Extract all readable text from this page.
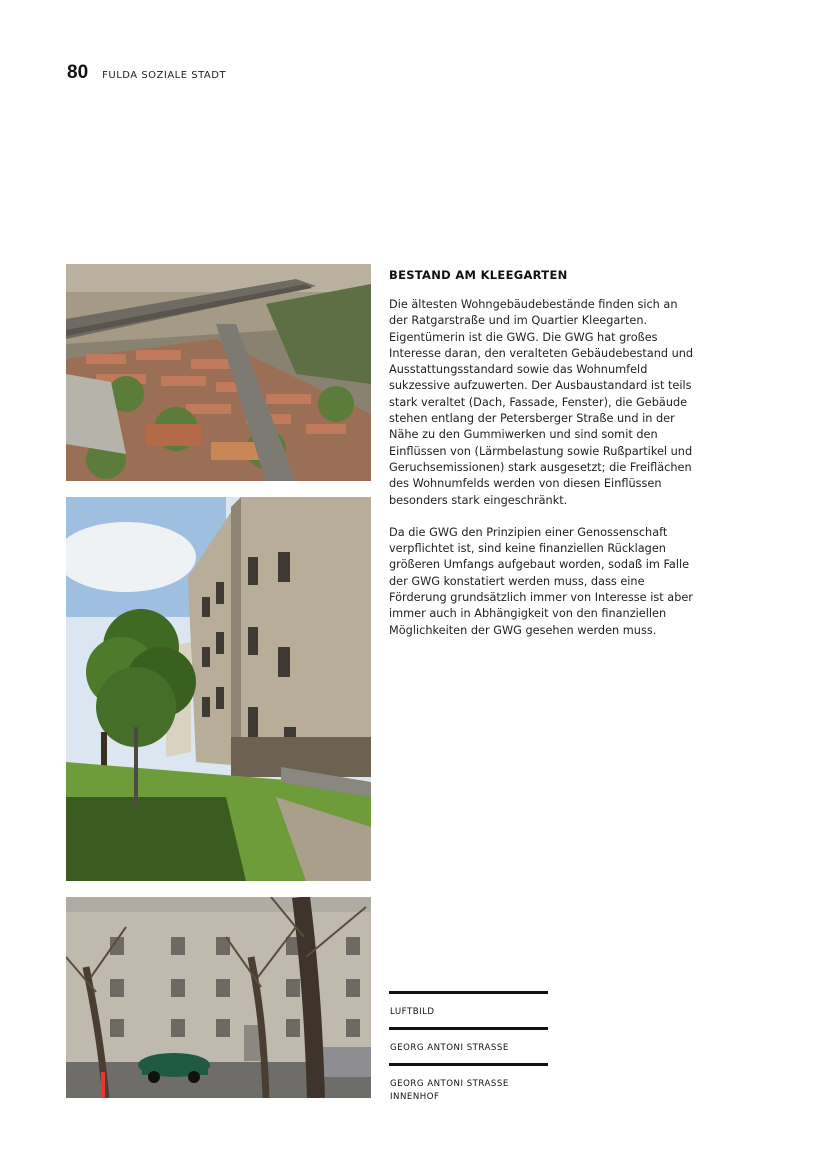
80 FULDA SOZIALE STADT
BESTAND AM KLEEGARTEN

Die ältesten Wohngebäudebestände finden sich an der Ratgarstraße und im Quartier Kleegarten. Eigentümerin ist die GWG. Die GWG hat großes Interesse daran, den veralteten Gebäudebestand und Ausstattungsstandard sowie das Wohnumfeld sukzessive aufzuwerten. Der Ausbaustandard ist teils stark veraltet (Dach, Fassade, Fenster), die Gebäude stehen entlang der Petersberger Straße und in der Nähe zu den Gummiwerken und sind somit den Einflüssen von (Lärmbelastung sowie Rußpartikel und Geruchsemissionen) stark ausgesetzt; die Freiflächen des Wohnumfelds werden von diesen Einflüssen besonders stark eingeschränkt.

Da die GWG den Prinzipien einer Genossenschaft verpflichtet ist, sind keine finanziellen Rücklagen größeren Umfangs aufgebaut worden, sodaß im Falle der GWG konstatiert werden muss, dass eine Förderung grundsätzlich immer von Interesse ist aber immer auch in Abhängigkeit von den finanziellen Möglichkeiten der GWG gesehen werden muss.

LUFTBILD
GEORG ANTONI STRASSE
GEORG ANTONI STRASSE INNENHOF
